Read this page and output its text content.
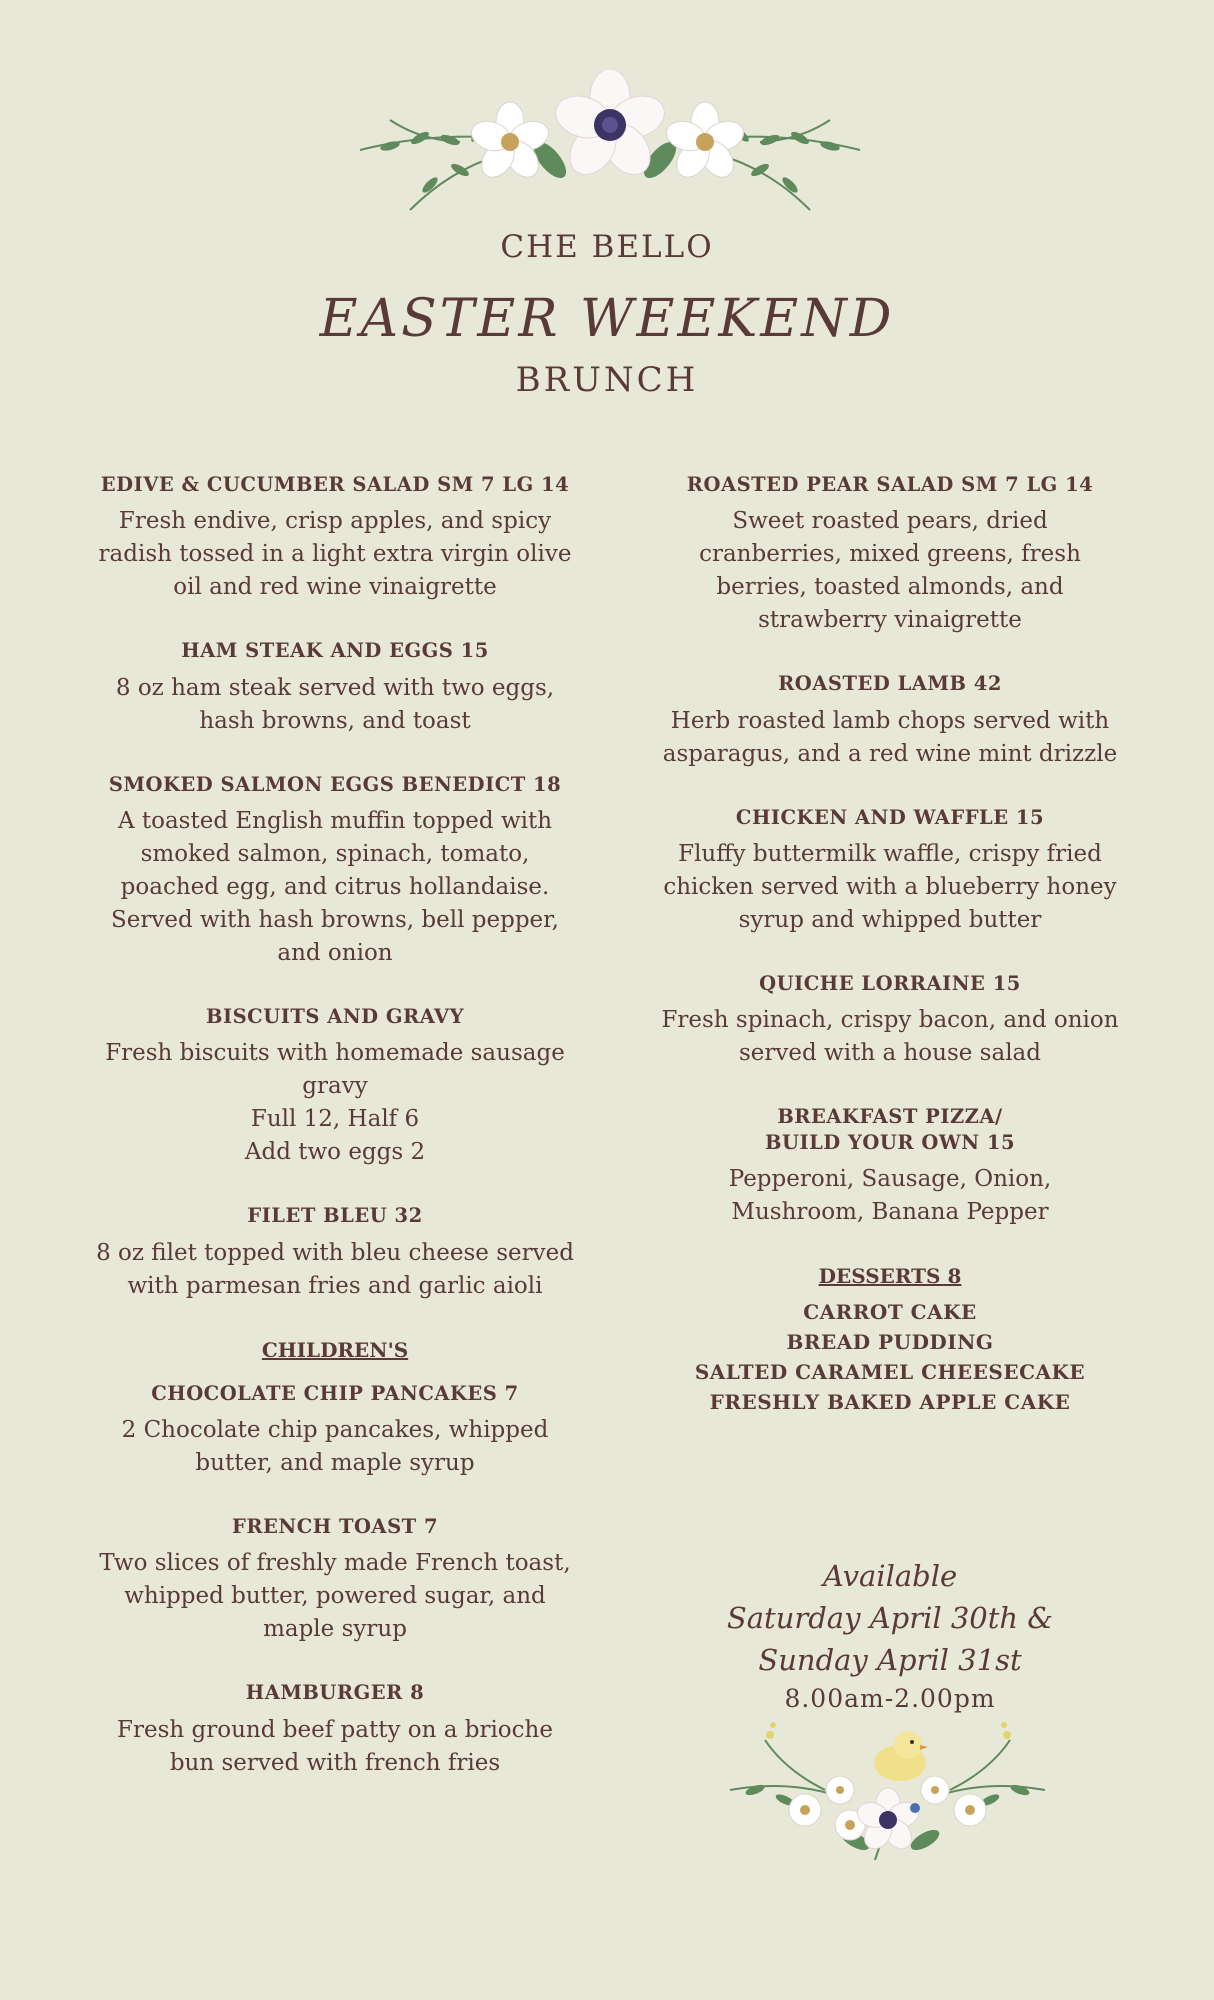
CHE BELLO
EASTER WEEKEND
BRUNCH

EDIVE & CUCUMBER SALAD SM 7 LG 14

Fresh endive, crisp apples, and spicy radish tossed in a light extra virgin olive oil and red wine vinaigrette

HAM STEAK AND EGGS 15

8 oz ham steak served with two eggs, hash browns, and toast

SMOKED SALMON EGGS BENEDICT 18

A toasted English muffin topped with smoked salmon, spinach, tomato, poached egg, and citrus hollandaise.

Served with hash browns, bell pepper, and onion

BISCUITS AND GRAVY

Fresh biscuits with homemade sausage gravy

Full 12, Half 6

Add two eggs 2

FILET BLEU 32

8 oz filet topped with bleu cheese served with parmesan fries and garlic aioli

CHILDREN'S

CHOCOLATE CHIP PANCAKES 7

2 Chocolate chip pancakes, whipped butter, and maple syrup

FRENCH TOAST 7

Two slices of freshly made French toast, whipped butter, powered sugar, and maple syrup

HAMBURGER 8

Fresh ground beef patty on a brioche bun served with french fries

ROASTED PEAR SALAD SM 7 LG 14

Sweet roasted pears, dried cranberries, mixed greens, fresh berries, toasted almonds, and strawberry vinaigrette

ROASTED LAMB 42

Herb roasted lamb chops served with asparagus, and a red wine mint drizzle

CHICKEN AND WAFFLE 15

Fluffy buttermilk waffle, crispy fried chicken served with a blueberry honey syrup and whipped butter

QUICHE LORRAINE 15

Fresh spinach, crispy bacon, and onion served with a house salad

BREAKFAST PIZZA/

BUILD YOUR OWN 15

Pepperoni, Sausage, Onion, Mushroom, Banana Pepper

DESSERTS 8

CARROT CAKE

BREAD PUDDING

SALTED CARAMEL CHEESECAKE

FRESHLY BAKED APPLE CAKE

Available

Saturday April 30th &

Sunday April 31st

8.00am-2.00pm
